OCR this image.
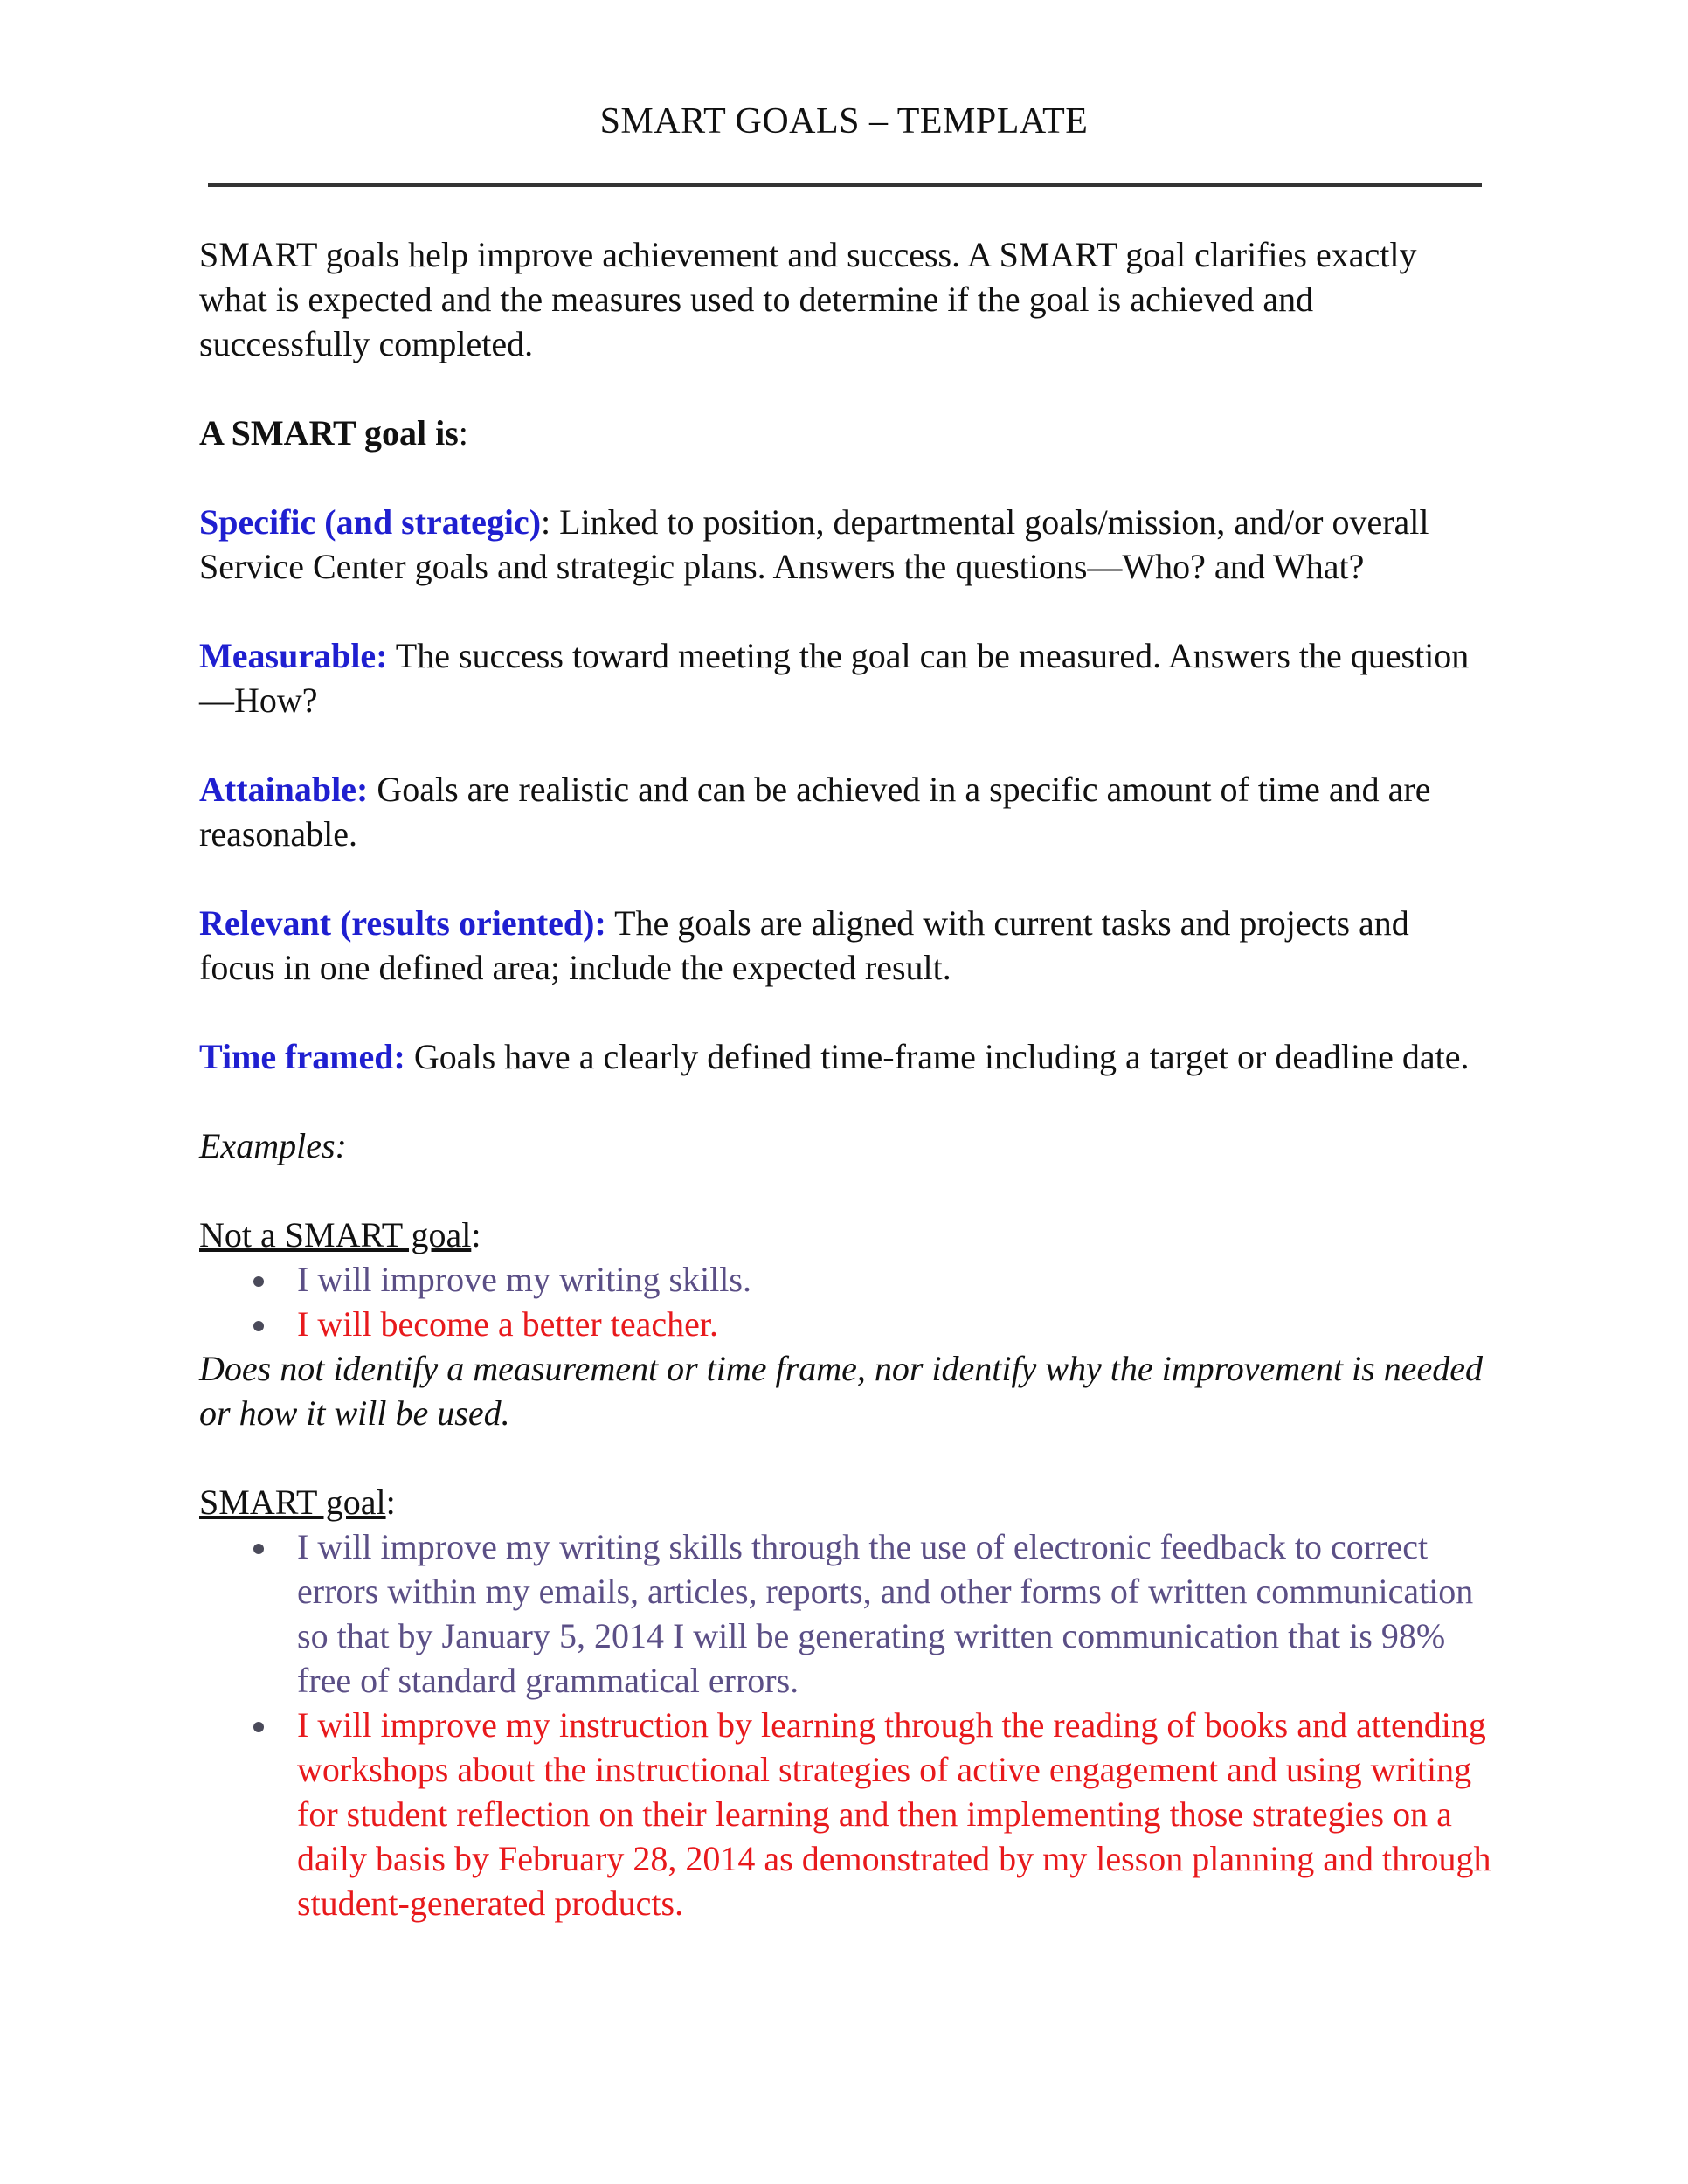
SMART GOALS – TEMPLATE

SMART goals help improve achievement and success. A SMART goal clarifies exactly what is expected and the measures used to determine if the goal is achieved and successfully completed.

A SMART goal is:

Specific (and strategic): Linked to position, departmental goals/mission, and/or overall Service Center goals and strategic plans. Answers the questions—Who? and What?

Measurable: The success toward meeting the goal can be measured. Answers the question—How?

Attainable: Goals are realistic and can be achieved in a specific amount of time and are reasonable.

Relevant (results oriented): The goals are aligned with current tasks and projects and focus in one defined area; include the expected result.

Time framed: Goals have a clearly defined time-frame including a target or deadline date.

Examples:

Not a SMART goal:

I will improve my writing skills.
I will become a better teacher.

Does not identify a measurement or time frame, nor identify why the improvement is needed or how it will be used.

SMART goal:

I will improve my writing skills through the use of electronic feedback to correct errors within my emails, articles, reports, and other forms of written communication so that by January 5, 2014 I will be generating written communication that is 98% free of standard grammatical errors.
I will improve my instruction by learning through the reading of books and attending workshops about the instructional strategies of active engagement and using writing for student reflection on their learning and then implementing those strategies on a daily basis by February 28, 2014 as demonstrated by my lesson planning and through student-generated products.
